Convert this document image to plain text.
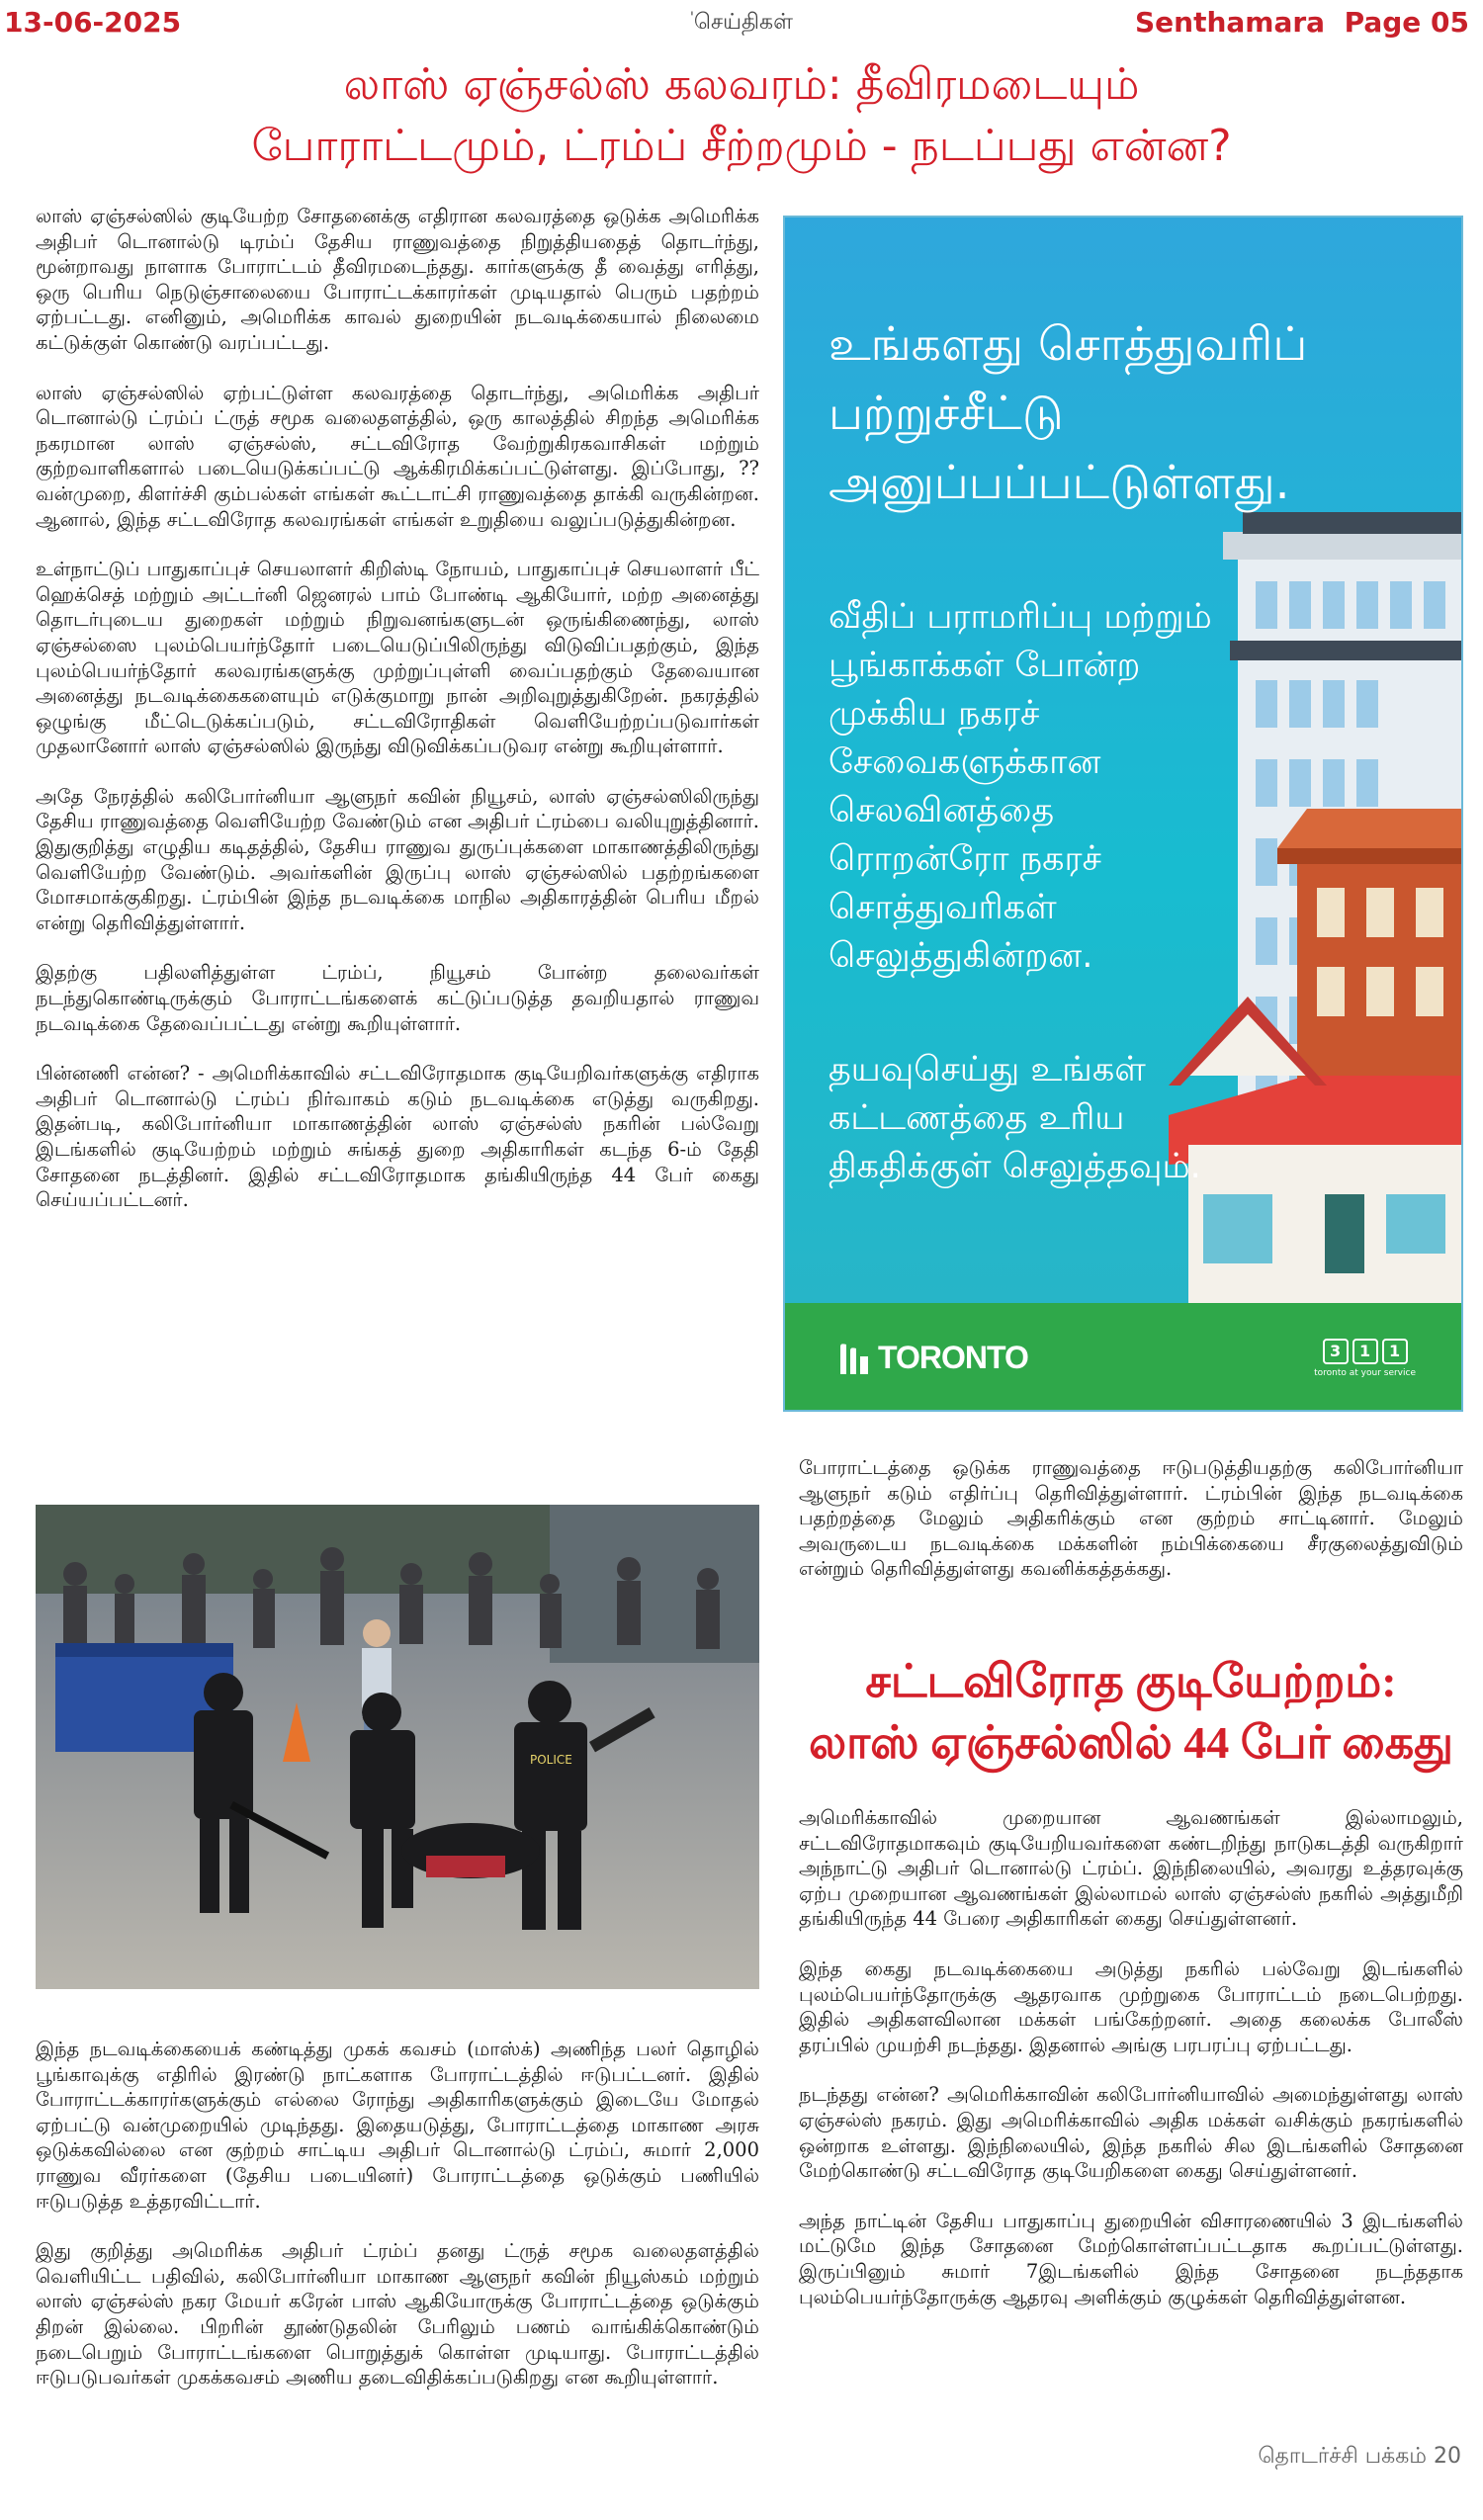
13-06-2025	'செய்திகள்	Senthamara Page 05
லாஸ் ஏஞ்சல்ஸ் கலவரம்: தீவிரமடையும்
போராட்டமும், ட்ரம்ப் சீற்றமும் - நடப்பது என்ன?

லாஸ் ஏஞ்சல்ஸில் குடியேற்ற சோதனைக்கு எதிரான கலவரத்தை ஒடுக்க அமெரிக்க அதிபர் டொனால்டு டிரம்ப் தேசிய ராணுவத்தை நிறுத்தியதைத் தொடர்ந்து, மூன்றாவது நாளாக போராட்டம் தீவிரமடைந்தது. கார்களுக்கு தீ வைத்து எரித்து, ஒரு பெரிய நெடுஞ்சாலையை போராட்டக்காரர்கள் முடியதால் பெரும் பதற்றம் ஏற்பட்டது. எனினும், அமெரிக்க காவல் துறையின் நடவடிக்கையால் நிலைமை கட்டுக்குள் கொண்டு வரப்பட்டது.

லாஸ் ஏஞ்சல்ஸில் ஏற்பட்டுள்ள கலவரத்தை தொடர்ந்து, அமெரிக்க அதிபர் டொனால்டு ட்ரம்ப் ட்ருத் சமூக வலைதளத்தில், ஒரு காலத்தில் சிறந்த அமெரிக்க நகரமான லாஸ் ஏஞ்சல்ஸ், சட்டவிரோத வேற்றுகிரகவாசிகள் மற்றும் குற்றவாளிகளால் படையெடுக்கப்பட்டு ஆக்கிரமிக்கப்பட்டுள்ளது. இப்போது, ??வன்முறை, கிளர்ச்சி கும்பல்கள் எங்கள் கூட்டாட்சி ராணுவத்தை தாக்கி வருகின்றன. ஆனால், இந்த சட்டவிரோத கலவரங்கள் எங்கள் உறுதியை வலுப்படுத்துகின்றன.

உள்நாட்டுப் பாதுகாப்புச் செயலாளர் கிறிஸ்டி நோயம், பாதுகாப்புச் செயலாளர் பீட் ஹெக்செத் மற்றும் அட்டர்னி ஜெனரல் பாம் போண்டி ஆகியோர், மற்ற அனைத்து தொடர்புடைய துறைகள் மற்றும் நிறுவனங்களுடன் ஒருங்கிணைந்து, லாஸ் ஏஞ்சல்ஸை புலம்பெயர்ந்தோர் படையெடுப்பிலிருந்து விடுவிப்பதற்கும், இந்த புலம்பெயர்ந்தோர் கலவரங்களுக்கு முற்றுப்புள்ளி வைப்பதற்கும் தேவையான அனைத்து நடவடிக்கைகளையும் எடுக்குமாறு நான் அறிவுறுத்துகிறேன். நகரத்தில் ஒழுங்கு மீட்டெடுக்கப்படும், சட்டவிரோதிகள் வெளியேற்றப்படுவார்கள் முதலானோர் லாஸ் ஏஞ்சல்ஸில் இருந்து விடுவிக்கப்படுவர என்று கூறியுள்ளார்.

அதே நேரத்தில் கலிபோர்னியா ஆளுநர் கவின் நியூசம், லாஸ் ஏஞ்சல்ஸிலிருந்து தேசிய ராணுவத்தை வெளியேற்ற வேண்டும் என அதிபர் ட்ரம்பை வலியுறுத்தினார். இதுகுறித்து எழுதிய கடிதத்தில், தேசிய ராணுவ துருப்புக்களை மாகாணத்திலிருந்து வெளியேற்ற வேண்டும். அவர்களின் இருப்பு லாஸ் ஏஞ்சல்ஸில் பதற்றங்களை மோசமாக்குகிறது. ட்ரம்பின் இந்த நடவடிக்கை மாநில அதிகாரத்தின் பெரிய மீறல் என்று தெரிவித்துள்ளார்.

இதற்கு பதிலளித்துள்ள ட்ரம்ப், நியூசம் போன்ற தலைவர்கள் நடந்துகொண்டிருக்கும் போராட்டங்களைக் கட்டுப்படுத்த தவறியதால் ராணுவ நடவடிக்கை தேவைப்பட்டது என்று கூறியுள்ளார்.

பின்னணி என்ன? - அமெரிக்காவில் சட்டவிரோதமாக குடியேறிவர்களுக்கு எதிராக அதிபர் டொனால்டு ட்ரம்ப் நிர்வாகம் கடும் நடவடிக்கை எடுத்து வருகிறது. இதன்படி, கலிபோர்னியா மாகாணத்தின் லாஸ் ஏஞ்சல்ஸ் நகரின் பல்வேறு இடங்களில் குடியேற்றம் மற்றும் சுங்கத் துறை அதிகாரிகள் கடந்த 6-ம் தேதி சோதனை நடத்தினர். இதில் சட்டவிரோதமாக தங்கியிருந்த 44 பேர் கைது செய்யப்பட்டனர்.

POLICE

இந்த நடவடிக்கையைக் கண்டித்து முகக் கவசம் (மாஸ்க்) அணிந்த பலர் தொழில் பூங்காவுக்கு எதிரில் இரண்டு நாட்களாக போராட்டத்தில் ஈடுபட்டனர். இதில் போராட்டக்காரர்களுக்கும் எல்லை ரோந்து அதிகாரிகளுக்கும் இடையே மோதல் ஏற்பட்டு வன்முறையில் முடிந்தது. இதையடுத்து, போராட்டத்தை மாகாண அரசு ஒடுக்கவில்லை என குற்றம் சாட்டிய அதிபர் டொனால்டு ட்ரம்ப், சுமார் 2,000 ராணுவ வீரர்களை (தேசிய படையினர்) போராட்டத்தை ஒடுக்கும் பணியில் ஈடுபடுத்த உத்தரவிட்டார்.

இது குறித்து அமெரிக்க அதிபர் ட்ரம்ப் தனது ட்ருத் சமூக வலைதளத்தில் வெளியிட்ட பதிவில், கலிபோர்னியா மாகாண ஆளுநர் கவின் நியூஸ்கம் மற்றும் லாஸ் ஏஞ்சல்ஸ் நகர மேயர் கரேன் பாஸ் ஆகியோருக்கு போராட்டத்தை ஒடுக்கும் திறன் இல்லை. பிறரின் தூண்டுதலின் பேரிலும் பணம் வாங்கிக்கொண்டும் நடைபெறும் போராட்டங்களை பொறுத்துக் கொள்ள முடியாது. போராட்டத்தில் ஈடுபடுபவர்கள் முகக்கவசம் அணிய தடைவிதிக்கப்படுகிறது என கூறியுள்ளார்.

உங்களது சொத்துவரிப் பற்றுச்சீட்டு அனுப்பப்பட்டுள்ளது.
வீதிப் பராமரிப்பு மற்றும் பூங்காக்கள் போன்ற முக்கிய நகரச் சேவைகளுக்கான செலவினத்தை ரொறன்ரோ நகரச் சொத்துவரிகள் செலுத்துகின்றன.
தயவுசெய்து உங்கள் கட்டணத்தை உரிய திகதிக்குள் செலுத்தவும்.
TORONTO	3	1	1
toronto at your service

போராட்டத்தை ஒடுக்க ராணுவத்தை ஈடுபடுத்தியதற்கு கலிபோர்னியா ஆளுநர் கடும் எதிர்ப்பு தெரிவித்துள்ளார். ட்ரம்பின் இந்த நடவடிக்கை பதற்றத்தை மேலும் அதிகரிக்கும் என குற்றம் சாட்டினார். மேலும் அவருடைய நடவடிக்கை மக்களின் நம்பிக்கையை சீரகுலைத்துவிடும் என்றும் தெரிவித்துள்ளது கவனிக்கத்தக்கது.

சட்டவிரோத குடியேற்றம்:
லாஸ் ஏஞ்சல்ஸில் 44 பேர் கைது

அமெரிக்காவில் முறையான ஆவணங்கள் இல்லாமலும், சட்டவிரோதமாகவும் குடியேறியவர்களை கண்டறிந்து நாடுகடத்தி வருகிறார் அந்நாட்டு அதிபர் டொனால்டு ட்ரம்ப். இந்நிலையில், அவரது உத்தரவுக்கு ஏற்ப முறையான ஆவணங்கள் இல்லாமல் லாஸ் ஏஞ்சல்ஸ் நகரில் அத்துமீறி தங்கியிருந்த 44 பேரை அதிகாரிகள் கைது செய்துள்ளனர்.

இந்த கைது நடவடிக்கையை அடுத்து நகரில் பல்வேறு இடங்களில் புலம்பெயர்ந்தோருக்கு ஆதரவாக முற்றுகை போராட்டம் நடைபெற்றது. இதில் அதிகளவிலான மக்கள் பங்கேற்றனர். அதை கலைக்க போலீஸ் தரப்பில் முயற்சி நடந்தது. இதனால் அங்கு பரபரப்பு ஏற்பட்டது.

நடந்தது என்ன? அமெரிக்காவின் கலிபோர்னியாவில் அமைந்துள்ளது லாஸ் ஏஞ்சல்ஸ் நகரம். இது அமெரிக்காவில் அதிக மக்கள் வசிக்கும் நகரங்களில் ஒன்றாக உள்ளது. இந்நிலையில், இந்த நகரில் சில இடங்களில் சோதனை மேற்கொண்டு சட்டவிரோத குடியேறிகளை கைது செய்துள்ளனர்.

அந்த நாட்டின் தேசிய பாதுகாப்பு துறையின் விசாரணையில் 3 இடங்களில் மட்டுமே இந்த சோதனை மேற்கொள்ளப்பட்டதாக கூறப்பட்டுள்ளது. இருப்பினும் சுமார் 7இடங்களில் இந்த சோதனை நடந்ததாக புலம்பெயர்ந்தோருக்கு ஆதரவு அளிக்கும் குழுக்கள் தெரிவித்துள்ளன.

தொடர்ச்சி பக்கம் 20
